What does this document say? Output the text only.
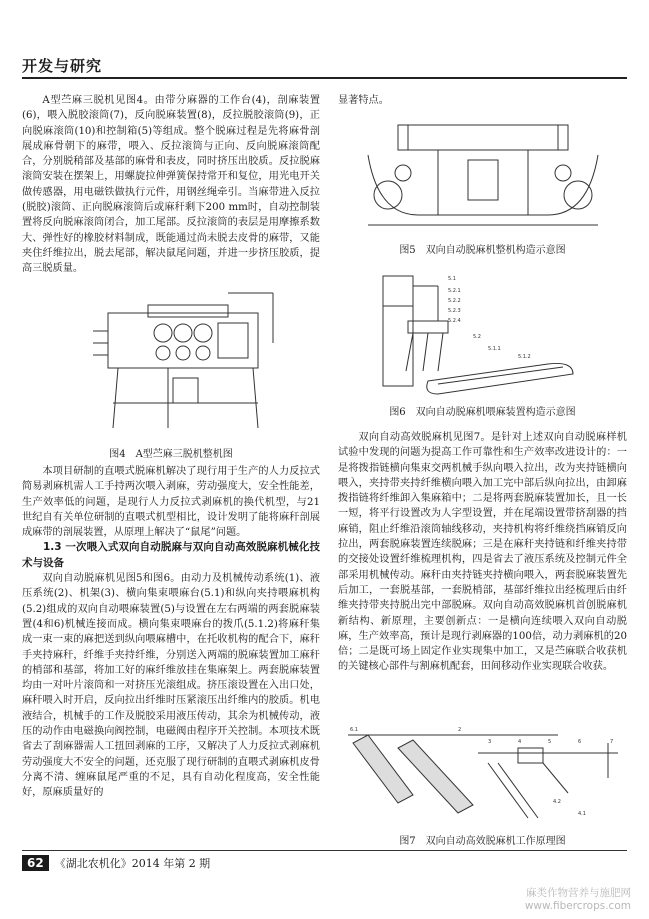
开发与研究

A型苎麻三脱机见图4。由带分麻器的工作台(4)，剖麻装置(6)，喂入脱胶滚筒(7)，反向脱麻装置(8)，反拉脱胶滚筒(9)，正向脱麻滚筒(10)和控制箱(5)等组成。整个脱麻过程是先将麻骨剖展成麻骨朝下的麻带，喂入、反拉滚筒与正向、反向脱麻滚筒配合，分别脱稍部及基部的麻骨和表皮，同时挤压出胶质。反拉脱麻滚筒安装在摆架上，用螺旋拉伸弹簧保持常开和复位，用光电开关做传感器，用电磁铁做执行元件，用钢丝绳牵引。当麻带进入反拉(脱胶)滚筒、正向脱麻滚筒后或麻秆剩下200 mm时，自动控制装置将反向脱麻滚筒闭合，加工尾部。反拉滚筒的表层是用摩擦系数大、弹性好的橡胶材料制成，既能通过尚未脱去皮骨的麻带，又能夹住纤维拉出，脱去尾部，解决鼠尾问题，并进一步挤压胶质，提高三脱质量。

图4　A型苎麻三脱机整机图

本项目研制的直喂式脱麻机解决了现行用于生产的人力反拉式简易剥麻机需人工手持两次喂入剥麻，劳动强度大，安全性能差，生产效率低的问题，是现行人力反拉式剥麻机的换代机型，与21世纪自有关单位研制的直喂式机型相比，设计发明了能将麻秆剖展成麻带的剖展装置，从原理上解决了“鼠尾”问题。

1.3 一次喂入式双向自动脱麻与双向自动高效脱麻机械化技术与设备

双向自动脱麻机见图5和图6。由动力及机械传动系统(1)、液压系统(2)、机架(3)、横向集束喂麻台(5.1)和纵向夹持喂麻机构(5.2)组成的双向自动喂麻装置(5)与设置在左右两端的两套脱麻装置(4和6)机械连接而成。横向集束喂麻台的拨爪(5.1.2)将麻秆集成一束一束的麻把送到纵向喂麻槽中，在托收机构的配合下，麻秆手夹持麻秆，纤维手夹持纤维，分别送入两端的脱麻装置加工麻秆的梢部和基部，将加工好的麻纤维放挂在集麻架上。两套脱麻装置均由一对叶片滚筒和一对挤压光滚组成。挤压滚设置在入出口处，麻秆喂入时开启，反向拉出纤维时压紧滚压出纤维内的胶质。机电液结合，机械手的工作及脱胶采用液压传动，其余为机械传动，液压的动作由电磁换向阀控制，电磁阀由程序开关控制。本项技术既省去了刮麻器需人工扭回剥麻的工序，又解决了人力反拉式剥麻机劳动强度大不安全的问题，还克服了现行研制的直喂式剥麻机皮骨分离不清、缠麻鼠尾严重的不足，具有自动化程度高，安全性能好，原麻质量好的

显著特点。

图5　双向自动脱麻机整机构造示意图
5.1
5.2.1
5.2.2
5.2.3
5.2.4
5.2
5.1.1
5.1.2
图6　双向自动脱麻机喂麻装置构造示意图

双向自动高效脱麻机见图7。是针对上述双向自动脱麻样机试验中发现的问题为提高工作可靠性和生产效率改进设计的：一是将拨指链横向集束交两机械手纵向喂入拉出，改为夹持链横向喂入，夹持带夹持纤维横向喂入加工完中部后纵向拉出，由卸麻拨指链将纤维卸入集麻箱中；二是将两套脱麻装置加长，且一长一短，将平行设置改为人字型设置，并在尾端设置带挤刮器的挡麻销，阻止纤维沿滚筒轴线移动，夹持机构将纤维绕挡麻销反向拉出，两套脱麻装置连续脱麻；三是在麻秆夹持链和纤维夹持带的交接处设置纤维梳理机构，四是省去了液压系统及控制元件全部采用机械传动。麻秆由夹持链夹持横向喂入，两套脱麻装置先后加工，一套脱基部，一套脱梢部，基部纤维拉出经梳理后由纤维夹持带夹持脱出完中部脱麻。双向自动高效脱麻机首创脱麻机新结构、新原理，主要创新点：一是横向连续喂入双向自动脱麻，生产效率高，预计是现行剥麻器的100倍，动力剥麻机的20倍；二是既可场上固定作业实现集中加工，又是苎麻联合收获机的关键核心部件与割麻机配套，田间移动作业实现联合收获。

6.1	2
3	4	5	6	7
4.2
4.1
图7　双向自动高效脱麻机工作原理图
62	《湖北农机化》2014 年第 2 期
麻类作物营养与施肥网
www.fibercrops.com
